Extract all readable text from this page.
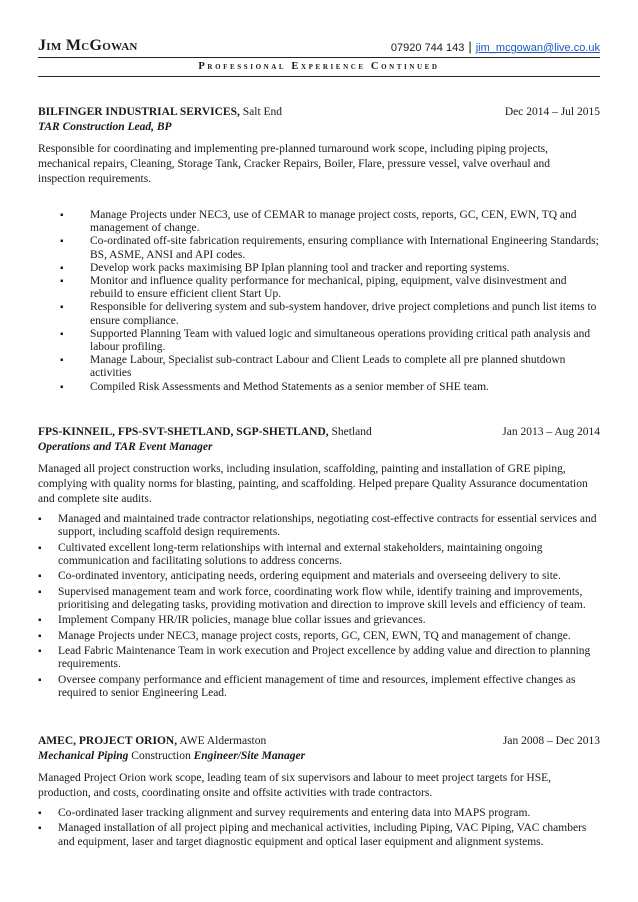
Jim McGowan	07920 744 143 | jim_mcgowan@live.co.uk
Professional Experience Continued
BILFINGER INDUSTRIAL SERVICES, Salt End	Dec 2014 – Jul 2015
TAR Construction Lead, BP
Responsible for coordinating and implementing pre-planned turnaround work scope, including piping projects, mechanical repairs, Cleaning, Storage Tank, Cracker Repairs, Boiler, Flare, pressure vessel, valve overhaul and inspection requirements.
▪ Manage Projects under NEC3, use of CEMAR to manage project costs, reports, GC, CEN, EWN, TQ and management of change.
▪ Co-ordinated off-site fabrication requirements, ensuring compliance with International Engineering Standards; BS, ASME, ANSI and API codes.
▪ Develop work packs maximising BP Iplan planning tool and tracker and reporting systems.
▪ Monitor and influence quality performance for mechanical, piping, equipment, valve disinvestment and rebuild to ensure efficient client Start Up.
▪ Responsible for delivering system and sub-system handover, drive project completions and punch list items to ensure compliance.
▪ Supported Planning Team with valued logic and simultaneous operations providing critical path analysis and labour profiling.
▪ Manage Labour, Specialist sub-contract Labour and Client Leads to complete all pre planned shutdown activities
▪ Compiled Risk Assessments and Method Statements as a senior member of SHE team.
FPS-KINNEIL, FPS-SVT-SHETLAND, SGP-SHETLAND, Shetland	Jan 2013 – Aug 2014
Operations and TAR Event Manager
Managed all project construction works, including insulation, scaffolding, painting and installation of GRE piping, complying with quality norms for blasting, painting, and scaffolding. Helped prepare Quality Assurance documentation and complete site audits.
▪ Managed and maintained trade contractor relationships, negotiating cost-effective contracts for essential services and support, including scaffold design requirements.
▪ Cultivated excellent long-term relationships with internal and external stakeholders, maintaining ongoing communication and facilitating solutions to address concerns.
▪ Co-ordinated inventory, anticipating needs, ordering equipment and materials and overseeing delivery to site.
▪ Supervised management team and work force, coordinating work flow while, identify training and improvements, prioritising and delegating tasks, providing motivation and direction to improve skill levels and efficiency of team.
▪ Implement Company HR/IR policies, manage blue collar issues and grievances.
▪ Manage Projects under NEC3, manage project costs, reports, GC, CEN, EWN, TQ and management of change.
▪ Lead Fabric Maintenance Team in work execution and Project excellence by adding value and direction to planning requirements.
▪ Oversee company performance and efficient management of time and resources, implement effective changes as required to senior Engineering Lead.
AMEC, PROJECT ORION, AWE Aldermaston	Jan 2008 – Dec 2013
Mechanical Piping Construction Engineer/Site Manager
Managed Project Orion work scope, leading team of six supervisors and labour to meet project targets for HSE, production, and costs, coordinating onsite and offsite activities with trade contractors.
▪ Co-ordinated laser tracking alignment and survey requirements and entering data into MAPS program.
▪ Managed installation of all project piping and mechanical activities, including Piping, VAC Piping, VAC chambers and equipment, laser and target diagnostic equipment and optical laser equipment and alignment systems.
